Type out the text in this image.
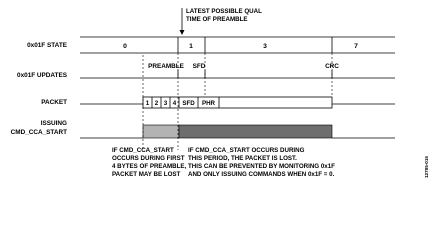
LATEST POSSIBLE QUAL
TIME OF PREAMBLE
0x01F STATE
0x01F UPDATES
PACKET
ISSUING
CMD_CCA_START
0	1	3	7
PREAMBLE SFD	CRC
1 2 3 4 SFD PHR
IF CMD_CCA_START
OCCURS DURING FIRST
4 BYTES OF PREAMBLE,
PACKET MAY BE LOST
IF CMD_CCA_START OCCURS DURING
THIS PERIOD, THE PACKET IS LOST.
THIS CAN BE PREVENTED BY MONITORING 0x1F
AND ONLY ISSUING COMMANDS WHEN 0x1F = 0.	12785-015
